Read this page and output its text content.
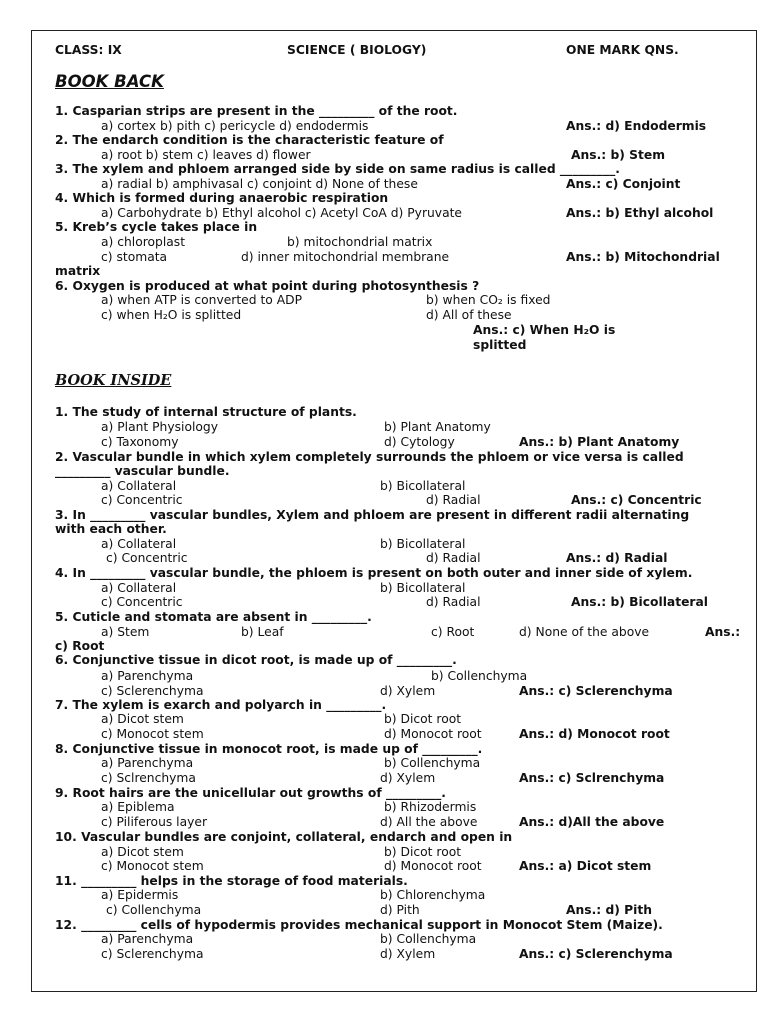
CLASS: IX	SCIENCE ( BIOLOGY)	ONE MARK QNS.
BOOK BACK
1. Casparian strips are present in the _________ of the root.
a) cortex b) pith c) pericycle d) endodermis	Ans.: d) Endodermis
2. The endarch condition is the characteristic feature of
a) root b) stem c) leaves d) flower	Ans.: b) Stem
3. The xylem and phloem arranged side by side on same radius is called _________.
a) radial b) amphivasal c) conjoint d) None of these	Ans.: c) Conjoint
4. Which is formed during anaerobic respiration
a) Carbohydrate b) Ethyl alcohol c) Acetyl CoA d) Pyruvate	Ans.: b) Ethyl alcohol
5. Kreb’s cycle takes place in
a) chloroplast	b) mitochondrial matrix
c) stomata	d) inner mitochondrial membrane	Ans.: b) Mitochondrial
matrix
6. Oxygen is produced at what point during photosynthesis ?
a) when ATP is converted to ADP	b) when CO₂ is fixed
c) when H₂O is splitted	d) All of these
Ans.: c) When H₂O is
splitted
BOOK INSIDE
1. The study of internal structure of plants.
a) Plant Physiology	b) Plant Anatomy
c) Taxonomy	d) Cytology	Ans.: b) Plant Anatomy
2. Vascular bundle in which xylem completely surrounds the phloem or vice versa is called
_________ vascular bundle.
a) Collateral	b) Bicollateral
c) Concentric	d) Radial	Ans.: c) Concentric
3. In _________ vascular bundles, Xylem and phloem are present in different radii alternating
with each other.
a) Collateral	b) Bicollateral
c) Concentric	d) Radial	Ans.: d) Radial
4. In _________ vascular bundle, the phloem is present on both outer and inner side of xylem.
a) Collateral	b) Bicollateral
c) Concentric	d) Radial	Ans.: b) Bicollateral
5. Cuticle and stomata are absent in _________.
a) Stem	b) Leaf	c) Root	d) None of the above	Ans.:
c) Root
6. Conjunctive tissue in dicot root, is made up of _________.
a) Parenchyma	b) Collenchyma
c) Sclerenchyma	d) Xylem	Ans.: c) Sclerenchyma
7. The xylem is exarch and polyarch in _________.
a) Dicot stem	b) Dicot root
c) Monocot stem	d) Monocot root	Ans.: d) Monocot root
8. Conjunctive tissue in monocot root, is made up of _________.
a) Parenchyma	b) Collenchyma
c) Sclrenchyma	d) Xylem	Ans.: c) Sclrenchyma
9. Root hairs are the unicellular out growths of _________.
a) Epiblema	b) Rhizodermis
c) Piliferous layer	d) All the above	Ans.: d)All the above
10. Vascular bundles are conjoint, collateral, endarch and open in
a) Dicot stem	b) Dicot root
c) Monocot stem	d) Monocot root	Ans.: a) Dicot stem
11. _________ helps in the storage of food materials.
a) Epidermis	b) Chlorenchyma
c) Collenchyma	d) Pith	Ans.: d) Pith
12. _________ cells of hypodermis provides mechanical support in Monocot Stem (Maize).
a) Parenchyma	b) Collenchyma
c) Sclerenchyma	d) Xylem	Ans.: c) Sclerenchyma
